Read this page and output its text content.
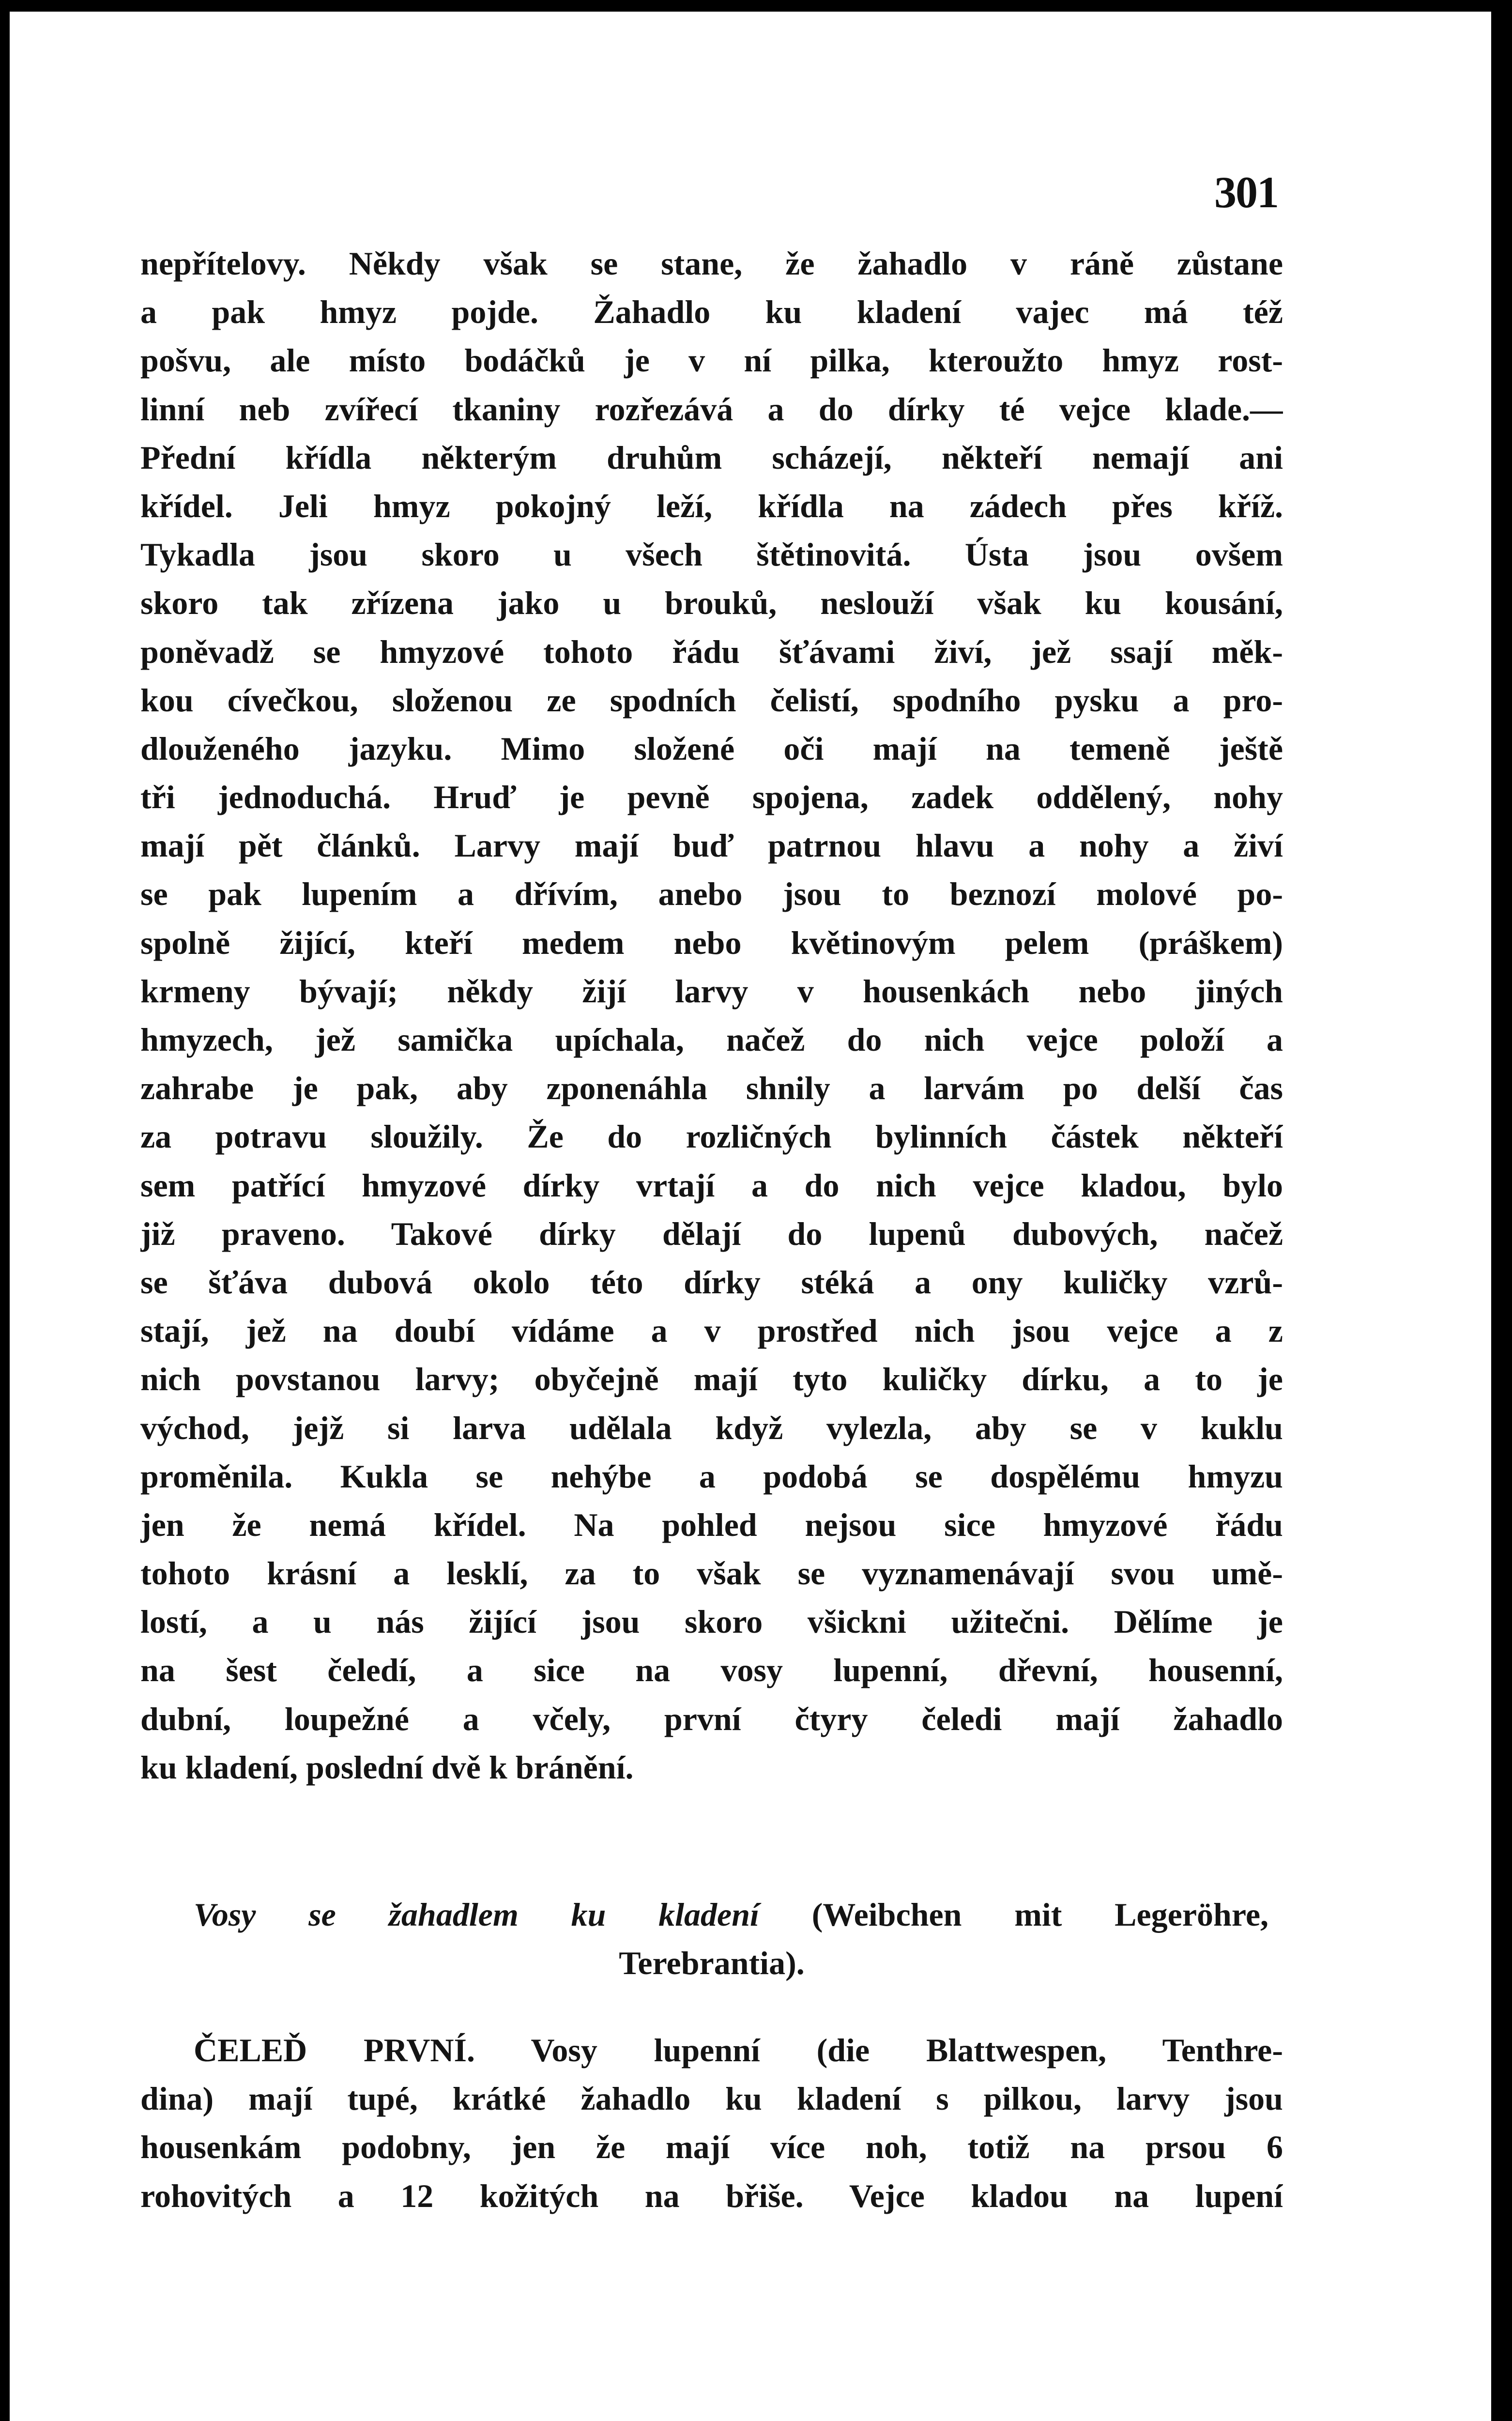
301
nepřítelovy. Někdy však se stane, že žahadlo v ráně zůstane
a pak hmyz pojde. Žahadlo ku kladení vajec má též
pošvu, ale místo bodáčků je v ní pilka, kteroužto hmyz rost-
linní neb zvířecí tkaniny rozřezává a do dírky té vejce klade.—
Přední křídla některým druhům scházejí, někteří nemají ani
křídel. Jeli hmyz pokojný leží, křídla na zádech přes kříž.
Tykadla jsou skoro u všech štětinovitá. Ústa jsou ovšem
skoro tak zřízena jako u brouků, neslouží však ku kousání,
poněvadž se hmyzové tohoto řádu šťávami živí, jež ssají měk-
kou cívečkou, složenou ze spodních čelistí, spodního pysku a pro-
dlouženého jazyku. Mimo složené oči mají na temeně ještě
tři jednoduchá. Hruď je pevně spojena, zadek oddělený, nohy
mají pět článků. Larvy mají buď patrnou hlavu a nohy a živí
se pak lupením a dřívím, anebo jsou to beznozí molové po-
spolně žijící, kteří medem nebo květinovým pelem (práškem)
krmeny bývají; někdy žijí larvy v housenkách nebo jiných
hmyzech, jež samička upíchala, načež do nich vejce položí a
zahrabe je pak, aby zponenáhla shnily a larvám po delší čas
za potravu sloužily. Že do rozličných bylinních částek někteří
sem patřící hmyzové dírky vrtají a do nich vejce kladou, bylo
již praveno. Takové dírky dělají do lupenů dubových, načež
se šťáva dubová okolo této dírky stéká a ony kuličky vzrů-
stají, jež na doubí vídáme a v prostřed nich jsou vejce a z
nich povstanou larvy; obyčejně mají tyto kuličky dírku, a to je
východ, jejž si larva udělala když vylezla, aby se v kuklu
proměnila. Kukla se nehýbe a podobá se dospělému hmyzu
jen že nemá křídel. Na pohled nejsou sice hmyzové řádu
tohoto krásní a lesklí, za to však se vyznamenávají svou umě-
lostí, a u nás žijící jsou skoro všickni užitečni. Dělíme je
na šest čeledí, a sice na vosy lupenní, dřevní, housenní,
dubní, loupežné a včely, první čtyry čeledi mají žahadlo
ku kladení, poslední dvě k bránění.
Vosy se žahadlem ku kladení (Weibchen mit Legeröhre,
Terebrantia).
ČELEĎ PRVNÍ. Vosy lupenní (die Blattwespen, Tenthre-
dina) mají tupé, krátké žahadlo ku kladení s pilkou, larvy jsou
housenkám podobny, jen že mají více noh, totiž na prsou 6
rohovitých a 12 kožitých na břiše. Vejce kladou na lupení
